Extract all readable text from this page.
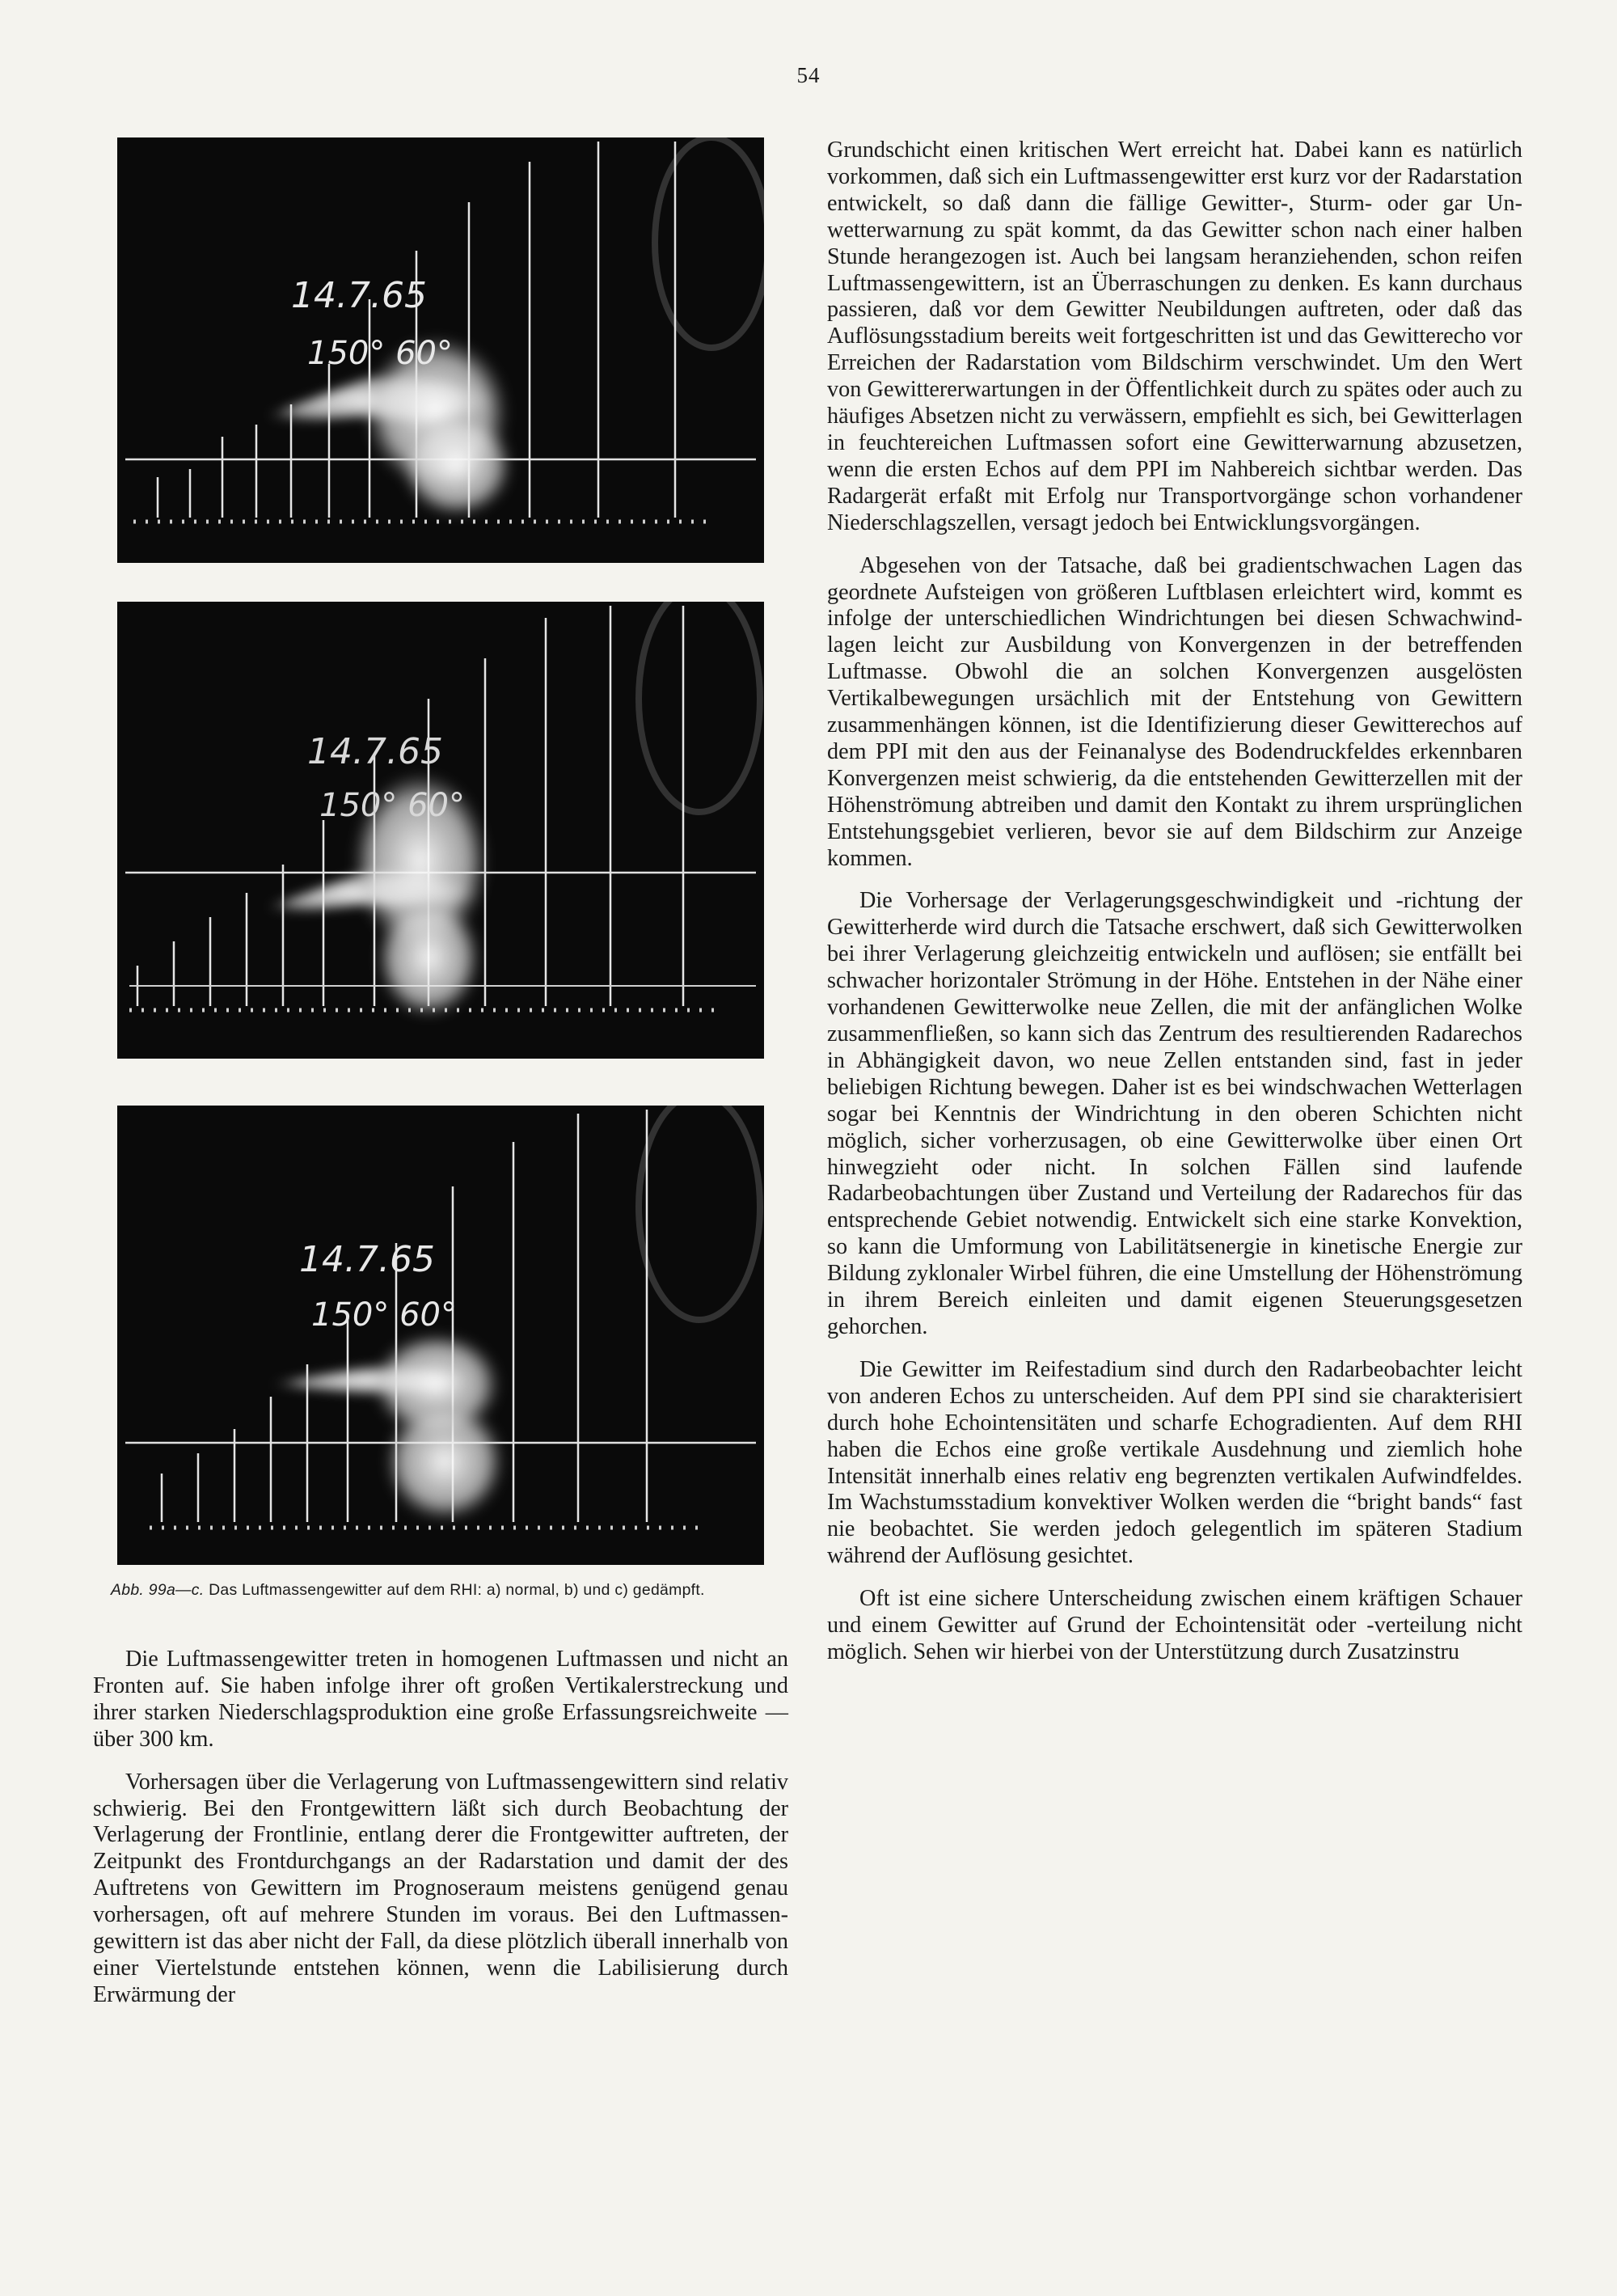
54
14.7.65
150° 60°
14.7.65
150° 60°
14.7.65
150° 60°
Abb. 99a—c. Das Luftmassengewitter auf dem RHI: a) normal, b) und c) gedämpft.

Die Luftmassengewitter treten in homogenen Luftmassen und nicht an Fronten auf. Sie haben infolge ihrer oft großen Vertikalerstreckung und ihrer starken Niederschlagsproduktion eine große Erfassungsreichweite — über 300 km.

Vorhersagen über die Verlagerung von Luftmassengewittern sind relativ schwierig. Bei den Frontgewittern läßt sich durch Beobachtung der Verlagerung der Frontlinie, entlang derer die Frontgewitter auftreten, der Zeitpunkt des Frontdurchgangs an der Radarstation und damit der des Auftretens von Gewittern im Prognoseraum meistens genügend genau vorhersagen, oft auf mehrere Stunden im voraus. Bei den Luftmassengewittern ist das aber nicht der Fall, da diese plötzlich überall innerhalb von einer Viertelstunde entstehen können, wenn die Labilisierung durch Erwärmung der

Grundschicht einen kritischen Wert erreicht hat. Dabei kann es natürlich vorkommen, daß sich ein Luftmassengewitter erst kurz vor der Radarstation entwickelt, so daß dann die fällige Gewitter-, Sturm- oder gar Unwetterwarnung zu spät kommt, da das Gewitter schon nach einer halben Stunde herangezogen ist. Auch bei langsam heranziehenden, schon reifen Luftmassengewittern, ist an Überraschungen zu denken. Es kann durchaus passieren, daß vor dem Gewitter Neubildungen auftreten, oder daß das Auflösungsstadium bereits weit fortgeschritten ist und das Gewitterecho vor Erreichen der Radarstation vom Bildschirm verschwindet. Um den Wert von Gewittererwartungen in der Öffentlichkeit durch zu spätes oder auch zu häufiges Absetzen nicht zu verwässern, empfiehlt es sich, bei Gewitterlagen in feuchtereichen Luftmassen sofort eine Gewitterwarnung abzusetzen, wenn die ersten Echos auf dem PPI im Nahbereich sichtbar werden. Das Radargerät erfaßt mit Erfolg nur Transportvorgänge schon vorhandener Niederschlagszellen, versagt jedoch bei Entwicklungsvorgängen.

Abgesehen von der Tatsache, daß bei gradientschwachen Lagen das geordnete Aufsteigen von größeren Luftblasen erleichtert wird, kommt es infolge der unterschiedlichen Windrichtungen bei diesen Schwachwindlagen leicht zur Ausbildung von Konvergenzen in der betreffenden Luftmasse. Obwohl die an solchen Konvergenzen ausgelösten Vertikalbewegungen ursächlich mit der Entstehung von Gewittern zusammenhängen können, ist die Identifizierung dieser Gewitterechos auf dem PPI mit den aus der Feinanalyse des Bodendruckfeldes erkennbaren Konvergenzen meist schwierig, da die entstehenden Gewitterzellen mit der Höhenströmung abtreiben und damit den Kontakt zu ihrem ursprünglichen Entstehungsgebiet verlieren, bevor sie auf dem Bildschirm zur Anzeige kommen.

Die Vorhersage der Verlagerungsgeschwindigkeit und -richtung der Gewitterherde wird durch die Tatsache erschwert, daß sich Gewitterwolken bei ihrer Verlagerung gleichzeitig entwickeln und auflösen; sie entfällt bei schwacher horizontaler Strömung in der Höhe. Entstehen in der Nähe einer vorhandenen Gewitterwolke neue Zellen, die mit der anfänglichen Wolke zusammenfließen, so kann sich das Zentrum des resultierenden Radarechos in Abhängigkeit davon, wo neue Zellen entstanden sind, fast in jeder beliebigen Richtung bewegen. Daher ist es bei windschwachen Wetterlagen sogar bei Kenntnis der Windrichtung in den oberen Schichten nicht möglich, sicher vorherzusagen, ob eine Gewitterwolke über einen Ort hinwegzieht oder nicht. In solchen Fällen sind laufende Radarbeobachtungen über Zustand und Verteilung der Radarechos für das entsprechende Gebiet notwendig. Entwickelt sich eine starke Konvektion, so kann die Umformung von Labilitätsenergie in kinetische Energie zur Bildung zyklonaler Wirbel führen, die eine Umstellung der Höhenströmung in ihrem Bereich einleiten und damit eigenen Steuerungsgesetzen gehorchen.

Die Gewitter im Reifestadium sind durch den Radarbeobachter leicht von anderen Echos zu unterscheiden. Auf dem PPI sind sie charakterisiert durch hohe Echointensitäten und scharfe Echogradienten. Auf dem RHI haben die Echos eine große vertikale Ausdehnung und ziemlich hohe Intensität innerhalb eines relativ eng begrenzten vertikalen Aufwindfeldes. Im Wachstumsstadium konvektiver Wolken werden die “bright bands“ fast nie beobachtet. Sie werden jedoch gelegentlich im späteren Stadium während der Auflösung gesichtet.

Oft ist eine sichere Unterscheidung zwischen einem kräftigen Schauer und einem Gewitter auf Grund der Echointensität oder -verteilung nicht möglich. Sehen wir hierbei von der Unterstützung durch Zusatzinstru
